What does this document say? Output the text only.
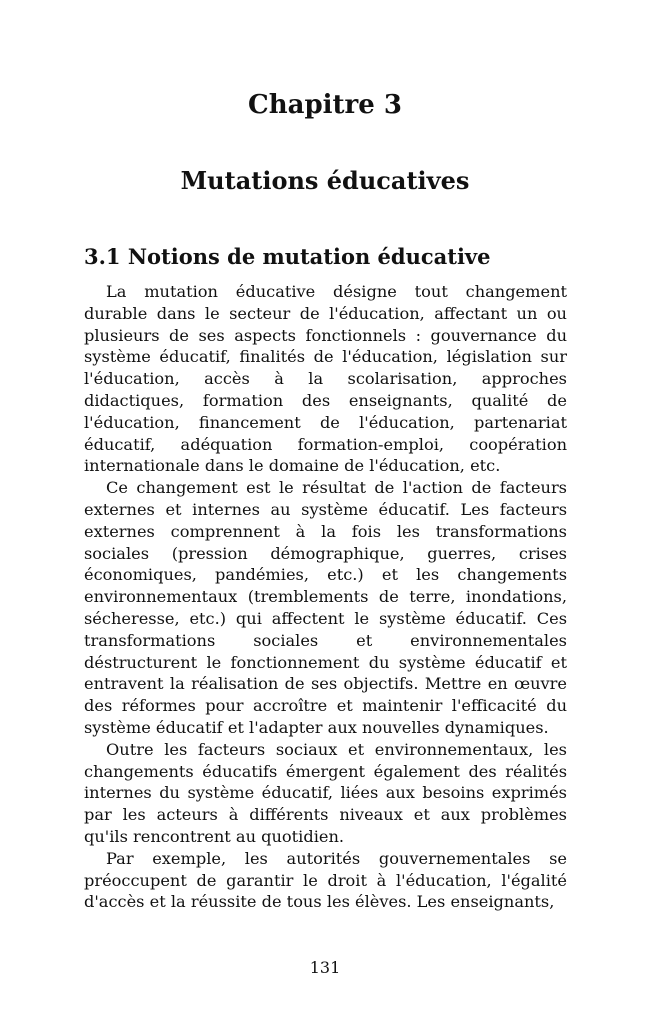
Chapitre 3
Mutations éducatives
3.1 Notions de mutation éducative

La mutation éducative désigne tout changement durable dans le secteur de l'éducation, affectant un ou plusieurs de ses aspects fonctionnels : gouvernance du système éducatif, finalités de l'éducation, législation sur l'éducation, accès à la scolarisation, approches didactiques, formation des enseignants, qualité de l'éducation, financement de l'éducation, partenariat éducatif, adéquation formation-emploi, coopération internationale dans le domaine de l'éducation, etc.

Ce changement est le résultat de l'action de facteurs externes et internes au système éducatif. Les facteurs externes comprennent à la fois les transformations sociales (pression démographique, guerres, crises économiques, pandémies, etc.) et les changements environnementaux (tremblements de terre, inondations, sécheresse, etc.) qui affectent le système éducatif. Ces transformations sociales et environnementales déstructurent le fonctionnement du système éducatif et entravent la réalisation de ses objectifs. Mettre en œuvre des réformes pour accroître et maintenir l'efficacité du système éducatif et l'adapter aux nouvelles dynamiques.

Outre les facteurs sociaux et environnementaux, les changements éducatifs émergent également des réalités internes du système éducatif, liées aux besoins exprimés par les acteurs à différents niveaux et aux problèmes qu'ils rencontrent au quotidien.

Par exemple, les autorités gouvernementales se préoccupent de garantir le droit à l'éducation, l'égalité d'accès et la réussite de tous les élèves. Les enseignants,

131
